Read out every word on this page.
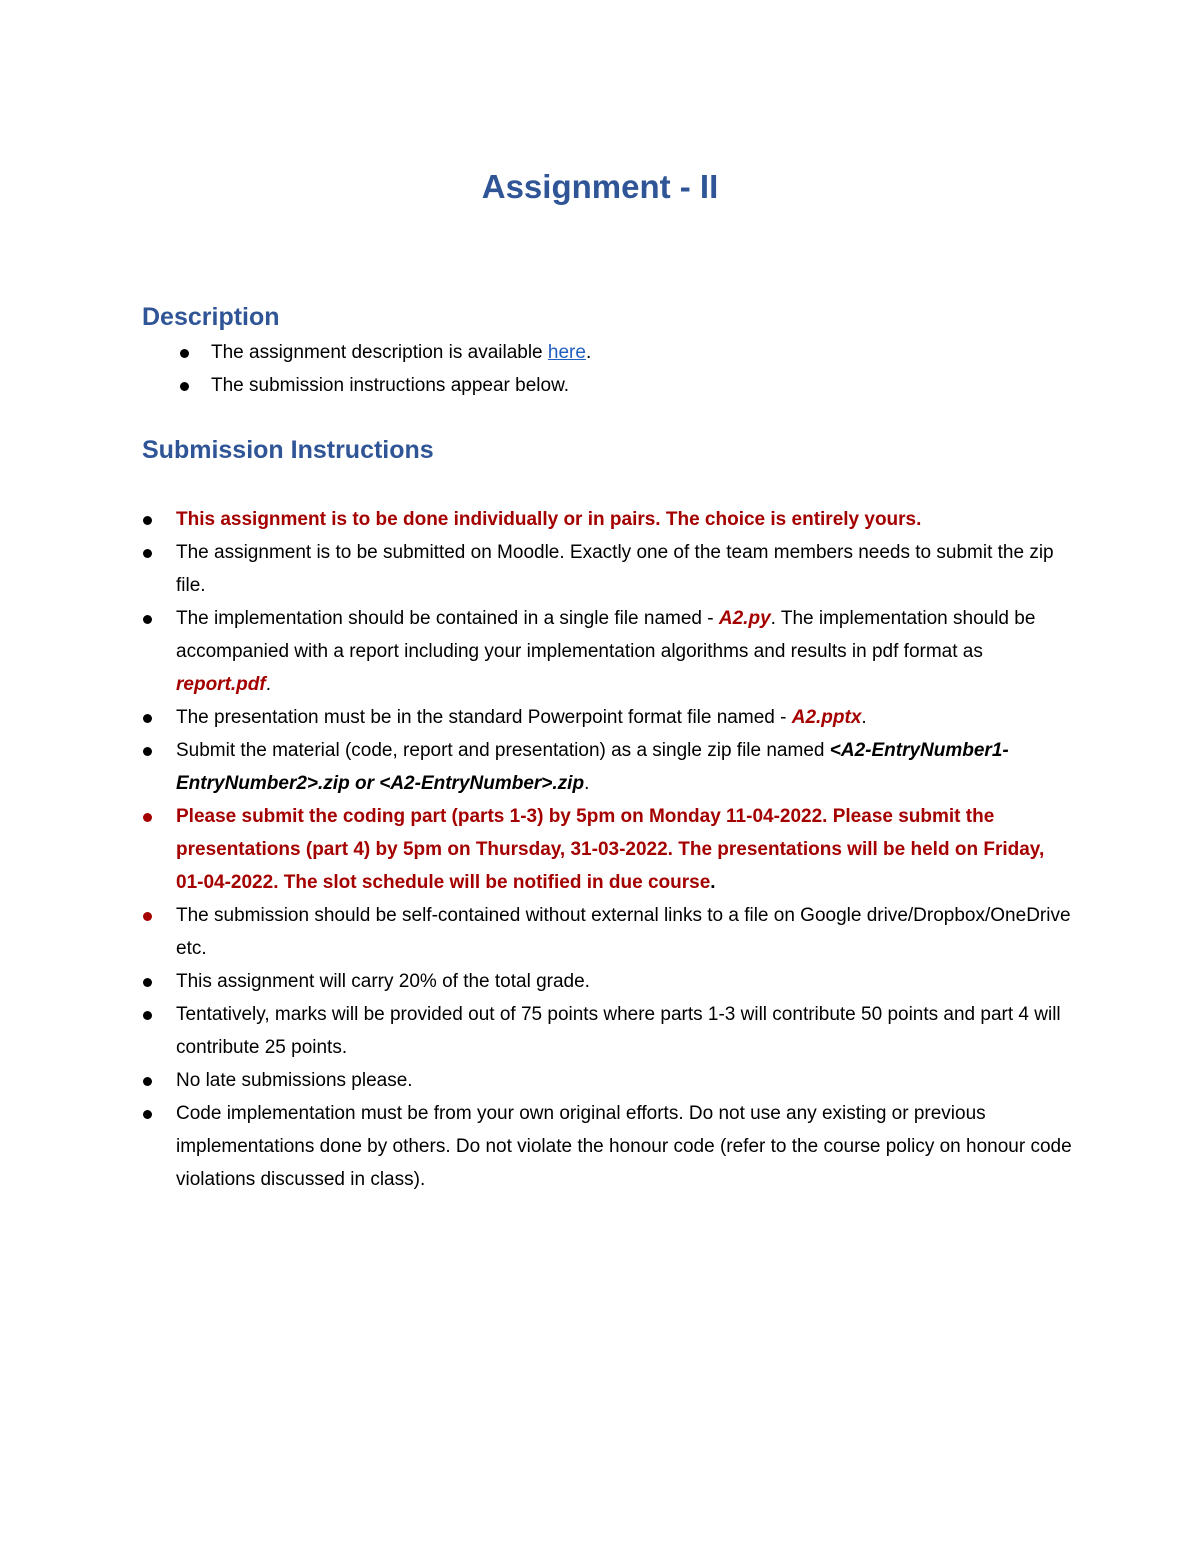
Assignment - II
Description
The assignment description is available here.
The submission instructions appear below.
Submission Instructions
This assignment is to be done individually or in pairs. The choice is entirely yours.
The assignment is to be submitted on Moodle. Exactly one of the team members needs to submit the zip file.
The implementation should be contained in a single file named - A2.py. The implementation should be accompanied with a report including your implementation algorithms and results in pdf format as report.pdf.
The presentation must be in the standard Powerpoint format file named - A2.pptx.
Submit the material (code, report and presentation) as a single zip file named <A2-EntryNumber1-EntryNumber2>.zip or <A2-EntryNumber>.zip.
Please submit the coding part (parts 1-3) by 5pm on Monday 11-04-2022. Please submit the presentations (part 4) by 5pm on Thursday, 31-03-2022. The presentations will be held on Friday, 01-04-2022. The slot schedule will be notified in due course.
The submission should be self-contained without external links to a file on Google drive/Dropbox/OneDrive etc.
This assignment will carry 20% of the total grade.
Tentatively, marks will be provided out of 75 points where parts 1-3 will contribute 50 points and part 4 will contribute 25 points.
No late submissions please.
Code implementation must be from your own original efforts. Do not use any existing or previous implementations done by others. Do not violate the honour code (refer to the course policy on honour code violations discussed in class).
